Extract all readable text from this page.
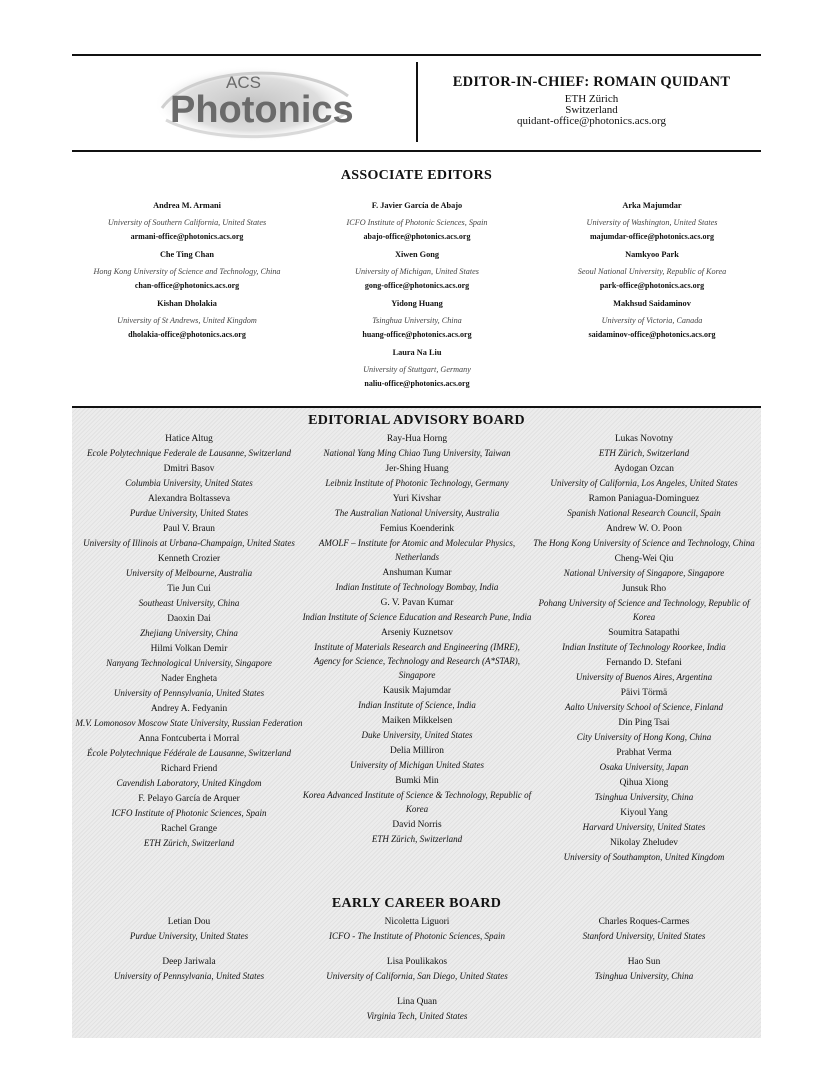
ACS
Photonics
EDITOR-IN-CHIEF: ROMAIN QUIDANT
ETH Zürich
Switzerland
quidant-office@photonics.acs.org
ASSOCIATE EDITORS
Andrea M. Armani
University of Southern California, United States
armani-office@photonics.acs.org
Che Ting Chan
Hong Kong University of Science and Technology, China
chan-office@photonics.acs.org
Kishan Dholakia
University of St Andrews, United Kingdom
dholakia-office@photonics.acs.org
F. Javier García de Abajo
ICFO Institute of Photonic Sciences, Spain
abajo-office@photonics.acs.org
Xiwen Gong
University of Michigan, United States
gong-office@photonics.acs.org
Yidong Huang
Tsinghua University, China
huang-office@photonics.acs.org
Laura Na Liu
University of Stuttgart, Germany
naliu-office@photonics.acs.org
Arka Majumdar
University of Washington, United States
majumdar-office@photonics.acs.org
Namkyoo Park
Seoul National University, Republic of Korea
park-office@photonics.acs.org
Makhsud Saidaminov
University of Victoria, Canada
saidaminov-office@photonics.acs.org
EDITORIAL ADVISORY BOARD
EARLY CAREER BOARD
Hatice Altug
Ecole Polytechnique Federale de Lausanne, Switzerland
Dmitri Basov
Columbia University, United States
Alexandra Boltasseva
Purdue University, United States
Paul V. Braun
University of Illinois at Urbana-Champaign, United States
Kenneth Crozier
University of Melbourne, Australia
Tie Jun Cui
Southeast University, China
Daoxin Dai
Zhejiang University, China
Hilmi Volkan Demir
Nanyang Technological University, Singapore
Nader Engheta
University of Pennsylvania, United States
Andrey A. Fedyanin
M.V. Lomonosov Moscow State University, Russian Federation
Anna Fontcuberta i Morral
École Polytechnique Fédérale de Lausanne, Switzerland
Richard Friend
Cavendish Laboratory, United Kingdom
F. Pelayo García de Arquer
ICFO Institute of Photonic Sciences, Spain
Rachel Grange
ETH Zürich, Switzerland
Ray-Hua Horng
National Yang Ming Chiao Tung University, Taiwan
Jer-Shing Huang
Leibniz Institute of Photonic Technology, Germany
Yuri Kivshar
The Australian National University, Australia
Femius Koenderink
AMOLF – Institute for Atomic and Molecular Physics, Netherlands
Anshuman Kumar
Indian Institute of Technology Bombay, India
G. V. Pavan Kumar
Indian Institute of Science Education and Research Pune, India
Arseniy Kuznetsov
Institute of Materials Research and Engineering (IMRE), Agency for Science, Technology and Research (A*STAR), Singapore
Kausik Majumdar
Indian Institute of Science, India
Maiken Mikkelsen
Duke University, United States
Delia Milliron
University of Michigan United States
Bumki Min
Korea Advanced Institute of Science & Technology, Republic of Korea
David Norris
ETH Zürich, Switzerland
Lukas Novotny
ETH Zürich, Switzerland
Aydogan Ozcan
University of California, Los Angeles, United States
Ramon Paniagua-Dominguez
Spanish National Research Council, Spain
Andrew W. O. Poon
The Hong Kong University of Science and Technology, China
Cheng-Wei Qiu
National University of Singapore, Singapore
Junsuk Rho
Pohang University of Science and Technology, Republic of Korea
Soumitra Satapathi
Indian Institute of Technology Roorkee, India
Fernando D. Stefani
University of Buenos Aires, Argentina
Päivi Törmä
Aalto University School of Science, Finland
Din Ping Tsai
City University of Hong Kong, China
Prabhat Verma
Osaka University, Japan
Qihua Xiong
Tsinghua University, China
Kiyoul Yang
Harvard University, United States
Nikolay Zheludev
University of Southampton, United Kingdom
Letian Dou
Purdue University, United States
Deep Jariwala
University of Pennsylvania, United States
Nicoletta Liguori
ICFO - The Institute of Photonic Sciences, Spain
Lisa Poulikakos
University of California, San Diego, United States
Lina Quan
Virginia Tech, United States
Charles Roques-Carmes
Stanford University, United States
Hao Sun
Tsinghua University, China
